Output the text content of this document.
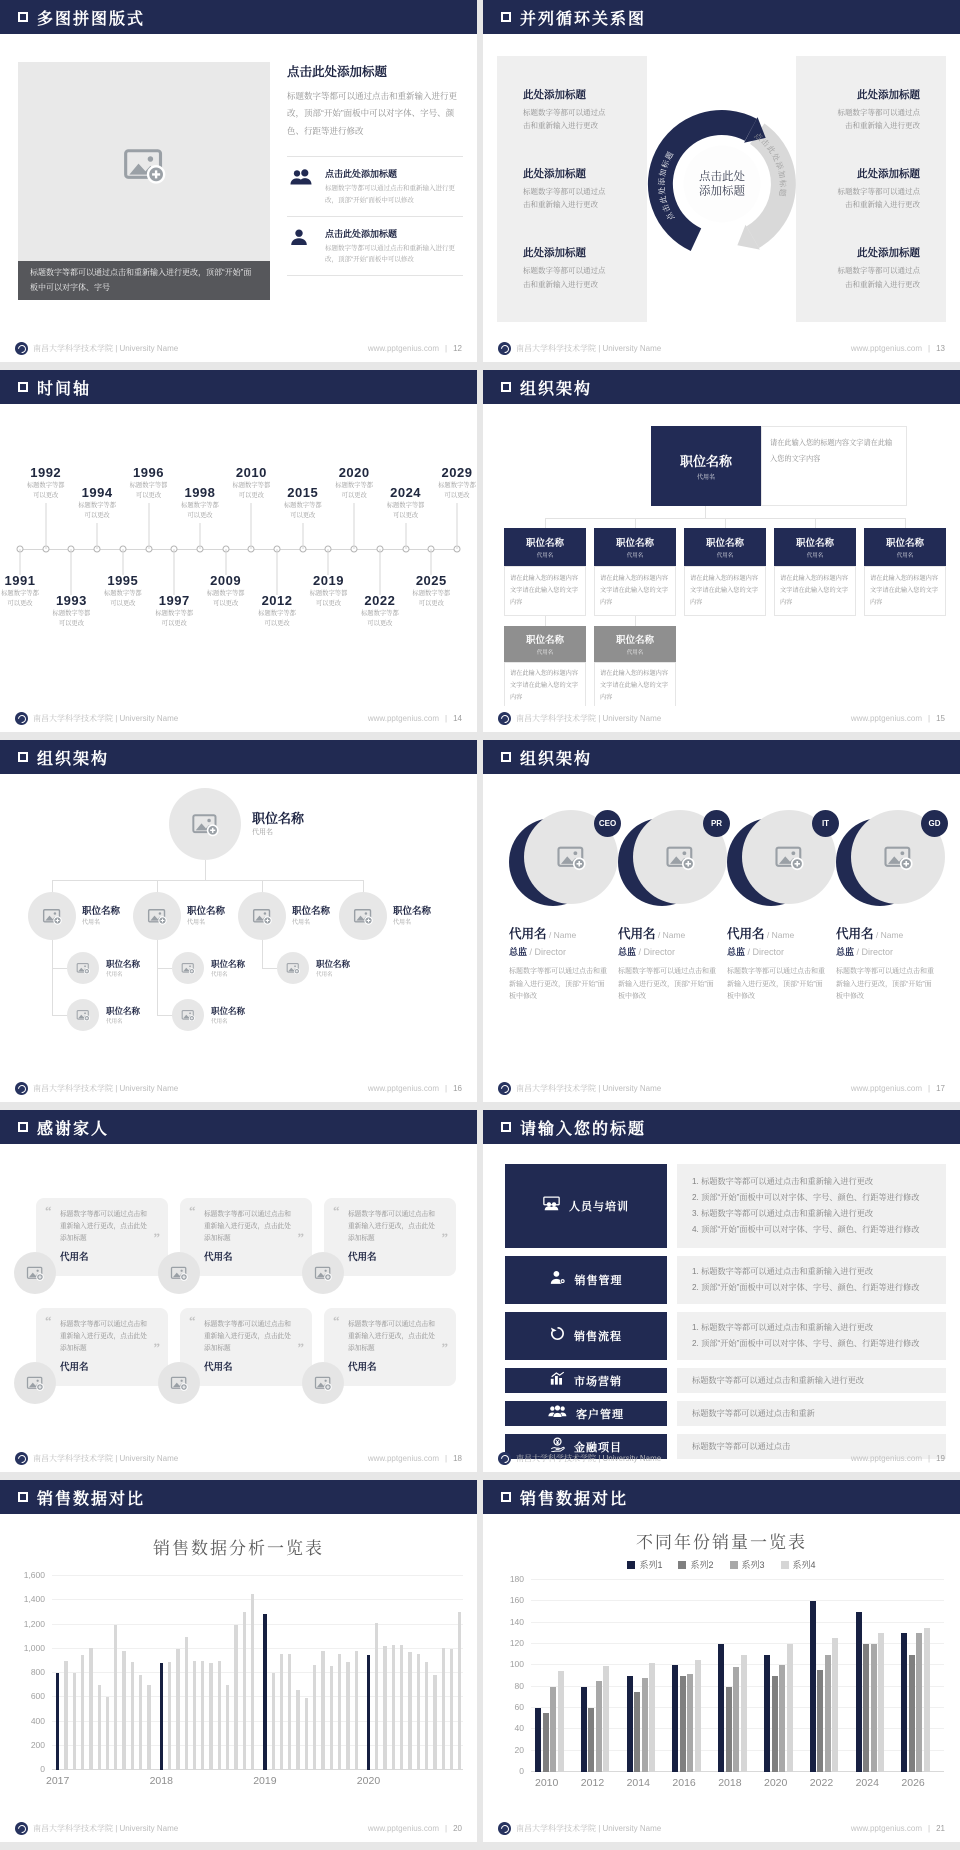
多图拼图版式
标题数字等都可以通过点击和重新输入进行更改，顶部“开始”面板中可以对字体、字号
点击此处添加标题
标题数字等都可以通过点击和重新输入进行更改，顶部“开始”面板中可以对字体、字号、颜色、行距等进行修改
点击此处添加标题
标题数字等都可以通过点击和重新输入进行更改，顶部“开始”面板中可以修改
点击此处添加标题
标题数字等都可以通过点击和重新输入进行更改，顶部“开始”面板中可以修改
南昌大学科学技术学院 | University Name	www.pptgenius.com | 12
并列循环关系图
此处添加标题
标题数字等都可以通过点
击和重新输入进行更改
此处添加标题
标题数字等都可以通过点
击和重新输入进行更改
此处添加标题
标题数字等都可以通过点
击和重新输入进行更改
此处添加标题
标题数字等都可以通过点
击和重新输入进行更改
此处添加标题
标题数字等都可以通过点
击和重新输入进行更改
此处添加标题
标题数字等都可以通过点
击和重新输入进行更改
点击此处添加标题
点击此处添加标题
点击此处
添加标题
南昌大学科学技术学院 | University Name	www.pptgenius.com | 13
时间轴
1991
标题数字等都
可以更改
1992
标题数字等都
可以更改
1993
标题数字等都
可以更改
1994
标题数字等都
可以更改
1995
标题数字等都
可以更改
1996
标题数字等都
可以更改
1997
标题数字等都
可以更改
1998
标题数字等都
可以更改
2009
标题数字等都
可以更改
2010
标题数字等都
可以更改
2012
标题数字等都
可以更改
2015
标题数字等都
可以更改
2019
标题数字等都
可以更改
2020
标题数字等都
可以更改
2022
标题数字等都
可以更改
2024
标题数字等都
可以更改
2025
标题数字等都
可以更改
2029
标题数字等都
可以更改
南昌大学科学技术学院 | University Name	www.pptgenius.com | 14
组织架构
职位名称
代用名
请在此输入您的标题内容文字请在此输入您的文字内容
职位名称
代用名
请在此输入您的标题内容文字请在此输入您的文字内容
职位名称
代用名
请在此输入您的标题内容文字请在此输入您的文字内容
职位名称
代用名
请在此输入您的标题内容文字请在此输入您的文字内容
职位名称
代用名
请在此输入您的标题内容文字请在此输入您的文字内容
职位名称
代用名
请在此输入您的标题内容文字请在此输入您的文字内容
职位名称
代用名
请在此输入您的标题内容文字请在此输入您的文字内容
职位名称
代用名
请在此输入您的标题内容文字请在此输入您的文字内容
南昌大学科学技术学院 | University Name	www.pptgenius.com | 15
组织架构
职位名称
代用名
职位名称
代用名
职位名称
代用名
职位名称
代用名
职位名称
代用名
职位名称
代用名
职位名称
代用名
职位名称
代用名
职位名称
代用名
职位名称
代用名
南昌大学科学技术学院 | University Name	www.pptgenius.com | 16
组织架构
CEO
代用名 / Name
总监 / Director
标题数字等都可以通过点击和重新输入进行更改，顶部“开始”面板中修改
PR
代用名 / Name
总监 / Director
标题数字等都可以通过点击和重新输入进行更改，顶部“开始”面板中修改
IT
代用名 / Name
总监 / Director
标题数字等都可以通过点击和重新输入进行更改，顶部“开始”面板中修改
GD
代用名 / Name
总监 / Director
标题数字等都可以通过点击和重新输入进行更改，顶部“开始”面板中修改
南昌大学科学技术学院 | University Name	www.pptgenius.com | 17
感谢家人
“
”
标题数字等都可以通过点击和重新输入进行更改，点击此处添加标题
代用名
“
”
标题数字等都可以通过点击和重新输入进行更改，点击此处添加标题
代用名
“
”
标题数字等都可以通过点击和重新输入进行更改，点击此处添加标题
代用名
“
”
标题数字等都可以通过点击和重新输入进行更改，点击此处添加标题
代用名
“
”
标题数字等都可以通过点击和重新输入进行更改，点击此处添加标题
代用名
“
”
标题数字等都可以通过点击和重新输入进行更改，点击此处添加标题
代用名
南昌大学科学技术学院 | University Name	www.pptgenius.com | 18
请输入您的标题
人员与培训
1. 标题数字等都可以通过点击和重新输入进行更改
2. 顶部“开始”面板中可以对字体、字号、颜色、行距等进行修改
3. 标题数字等都可以通过点击和重新输入进行更改
4. 顶部“开始”面板中可以对字体、字号、颜色、行距等进行修改
销售管理
1. 标题数字等都可以通过点击和重新输入进行更改
2. 顶部“开始”面板中可以对字体、字号、颜色、行距等进行修改
销售流程
1. 标题数字等都可以通过点击和重新输入进行更改
2. 顶部“开始”面板中可以对字体、字号、颜色、行距等进行修改
市场营销	标题数字等都可以通过点击和重新输入进行更改
客户管理	标题数字等都可以通过点击和重新
金融项目	标题数字等都可以通过点击
南昌大学科学技术学院 | University Name	www.pptgenius.com | 19
销售数据对比
销售数据分析一览表
0
200
400
600
800
1,000
1,200
1,400
1,600
2017	2018	2019	2020
南昌大学科学技术学院 | University Name	www.pptgenius.com | 20
销售数据对比
不同年份销量一览表
系列1	系列2	系列3	系列4
0
20
40
60
80
100
120
140
160
180
2010 2012 2014 2016 2018 2020 2022 2024 2026
南昌大学科学技术学院 | University Name	www.pptgenius.com | 21
